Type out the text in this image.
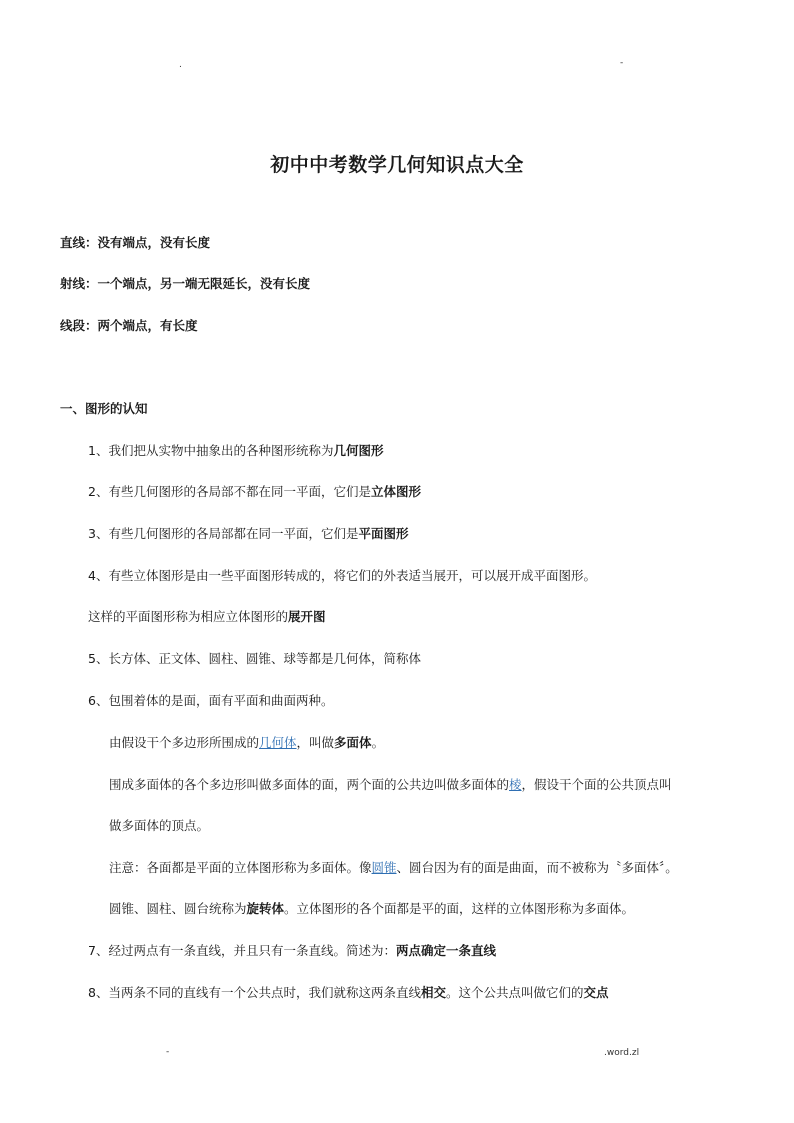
.	-
初中中考数学几何知识点大全
直线：没有端点，没有长度
射线：一个端点，另一端无限延长，没有长度
线段：两个端点，有长度
一、图形的认知
1、我们把从实物中抽象出的各种图形统称为几何图形
2、有些几何图形的各局部不都在同一平面，它们是立体图形
3、有些几何图形的各局部都在同一平面，它们是平面图形
4、有些立体图形是由一些平面图形转成的，将它们的外表适当展开，可以展开成平面图形。
这样的平面图形称为相应立体图形的展开图
5、长方体、正文体、圆柱、圆锥、球等都是几何体，简称体
6、包围着体的是面，面有平面和曲面两种。
由假设干个多边形所围成的几何体，叫做多面体。
围成多面体的各个多边形叫做多面体的面，两个面的公共边叫做多面体的棱，假设干个面的公共顶点叫
做多面体的顶点。
注意：各面都是平面的立体图形称为多面体。像圆锥、圆台因为有的面是曲面，而不被称为〝多面体〞。
圆锥、圆柱、圆台统称为旋转体。立体图形的各个面都是平的面，这样的立体图形称为多面体。
7、经过两点有一条直线，并且只有一条直线。简述为：两点确定一条直线
8、当两条不同的直线有一个公共点时，我们就称这两条直线相交。这个公共点叫做它们的交点
-	.word.zl
